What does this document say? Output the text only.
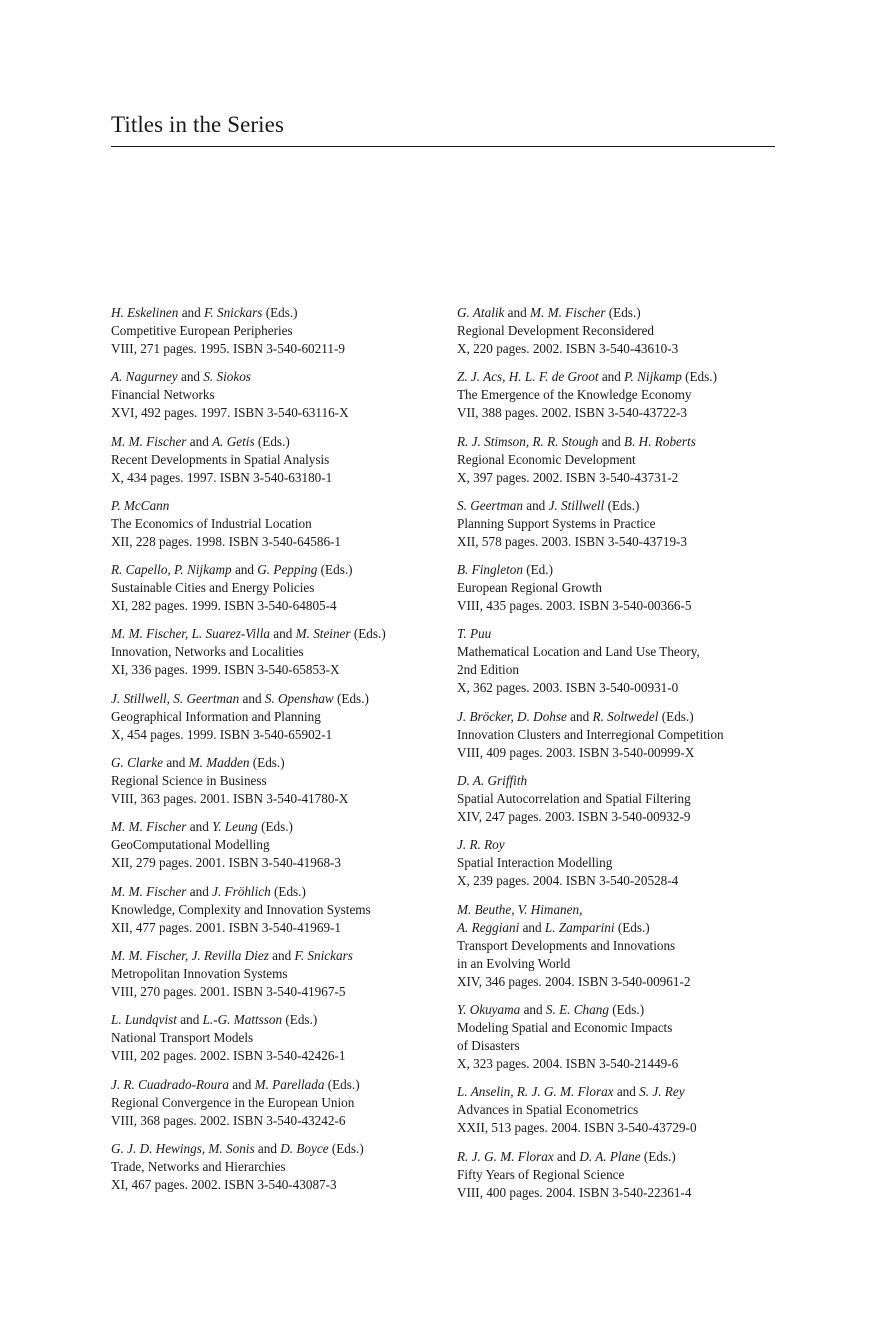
Titles in the Series
H. Eskelinen and F. Snickars (Eds.)
Competitive European Peripheries
VIII, 271 pages. 1995. ISBN 3-540-60211-9
A. Nagurney and S. Siokos
Financial Networks
XVI, 492 pages. 1997. ISBN 3-540-63116-X
M. M. Fischer and A. Getis (Eds.)
Recent Developments in Spatial Analysis
X, 434 pages. 1997. ISBN 3-540-63180-1
P. McCann
The Economics of Industrial Location
XII, 228 pages. 1998. ISBN 3-540-64586-1
R. Capello, P. Nijkamp and G. Pepping (Eds.)
Sustainable Cities and Energy Policies
XI, 282 pages. 1999. ISBN 3-540-64805-4
M. M. Fischer, L. Suarez-Villa and M. Steiner (Eds.)
Innovation, Networks and Localities
XI, 336 pages. 1999. ISBN 3-540-65853-X
J. Stillwell, S. Geertman and S. Openshaw (Eds.)
Geographical Information and Planning
X, 454 pages. 1999. ISBN 3-540-65902-1
G. Clarke and M. Madden (Eds.)
Regional Science in Business
VIII, 363 pages. 2001. ISBN 3-540-41780-X
M. M. Fischer and Y. Leung (Eds.)
GeoComputational Modelling
XII, 279 pages. 2001. ISBN 3-540-41968-3
M. M. Fischer and J. Fröhlich (Eds.)
Knowledge, Complexity and Innovation Systems
XII, 477 pages. 2001. ISBN 3-540-41969-1
M. M. Fischer, J. Revilla Diez and F. Snickars
Metropolitan Innovation Systems
VIII, 270 pages. 2001. ISBN 3-540-41967-5
L. Lundqvist and L.-G. Mattsson (Eds.)
National Transport Models
VIII, 202 pages. 2002. ISBN 3-540-42426-1
J. R. Cuadrado-Roura and M. Parellada (Eds.)
Regional Convergence in the European Union
VIII, 368 pages. 2002. ISBN 3-540-43242-6
G. J. D. Hewings, M. Sonis and D. Boyce (Eds.)
Trade, Networks and Hierarchies
XI, 467 pages. 2002. ISBN 3-540-43087-3
G. Atalik and M. M. Fischer (Eds.)
Regional Development Reconsidered
X, 220 pages. 2002. ISBN 3-540-43610-3
Z. J. Acs, H. L. F. de Groot and P. Nijkamp (Eds.)
The Emergence of the Knowledge Economy
VII, 388 pages. 2002. ISBN 3-540-43722-3
R. J. Stimson, R. R. Stough and B. H. Roberts
Regional Economic Development
X, 397 pages. 2002. ISBN 3-540-43731-2
S. Geertman and J. Stillwell (Eds.)
Planning Support Systems in Practice
XII, 578 pages. 2003. ISBN 3-540-43719-3
B. Fingleton (Ed.)
European Regional Growth
VIII, 435 pages. 2003. ISBN 3-540-00366-5
T. Puu
Mathematical Location and Land Use Theory,
2nd Edition
X, 362 pages. 2003. ISBN 3-540-00931-0
J. Bröcker, D. Dohse and R. Soltwedel (Eds.)
Innovation Clusters and Interregional Competition
VIII, 409 pages. 2003. ISBN 3-540-00999-X
D. A. Griffith
Spatial Autocorrelation and Spatial Filtering
XIV, 247 pages. 2003. ISBN 3-540-00932-9
J. R. Roy
Spatial Interaction Modelling
X, 239 pages. 2004. ISBN 3-540-20528-4
M. Beuthe, V. Himanen,
A. Reggiani and L. Zamparini (Eds.)
Transport Developments and Innovations
in an Evolving World
XIV, 346 pages. 2004. ISBN 3-540-00961-2
Y. Okuyama and S. E. Chang (Eds.)
Modeling Spatial and Economic Impacts
of Disasters
X, 323 pages. 2004. ISBN 3-540-21449-6
L. Anselin, R. J. G. M. Florax and S. J. Rey
Advances in Spatial Econometrics
XXII, 513 pages. 2004. ISBN 3-540-43729-0
R. J. G. M. Florax and D. A. Plane (Eds.)
Fifty Years of Regional Science
VIII, 400 pages. 2004. ISBN 3-540-22361-4
